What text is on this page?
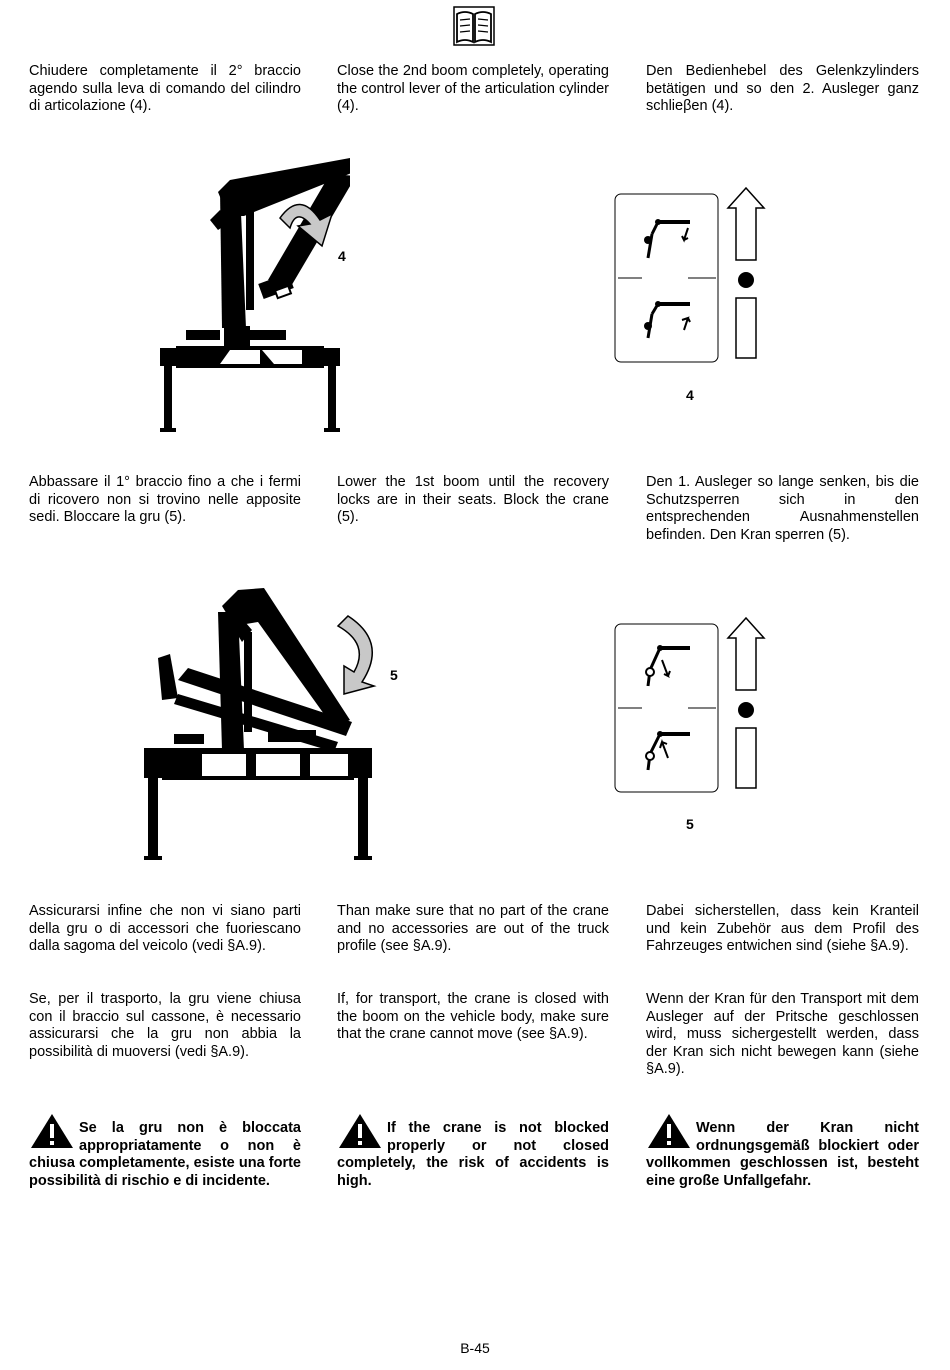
Chiudere completamente il 2° braccio agendo sulla leva di comando del cilindro di articolazione (4).
Close the 2nd boom completely, operating the control lever of the articulation cylinder (4).
Den Bedienhebel des Gelenkzylinders betätigen und so den 2. Ausleger ganz schlieβen (4).
4
4
Abbassare il 1° braccio fino a che i fermi di ricovero non si trovino nelle apposite sedi. Bloccare la gru (5).
Lower the 1st boom until the recovery locks are in their seats. Block the crane (5).
Den 1. Ausleger so lange senken, bis die Schutzsperren sich in den entsprechenden Ausnahmenstellen befinden. Den Kran sperren (5).
5
5
Assicurarsi infine che non vi siano parti della gru o di accessori che fuoriescano dalla sagoma del veicolo (vedi §A.9).
Than make sure that no part of the crane and no accessories are out of the truck profile (see §A.9).
Dabei sicherstellen, dass kein Kranteil und kein Zubehör aus dem Profil des Fahrzeuges entwichen sind (siehe §A.9).
Se, per il trasporto, la gru viene chiusa con il braccio sul cassone, è necessario assicurarsi che la gru non abbia la possibilità di muoversi (vedi §A.9).
If, for transport, the crane is closed with the boom on the vehicle body, make sure that the crane cannot move (see §A.9).
Wenn der Kran für den Transport mit dem Ausleger auf der Pritsche geschlossen wird, muss sichergestellt werden, dass der Kran sich nicht bewegen kann (siehe §A.9).
Se la gru non è bloccata appropriatamente o non è chiusa completamente, esiste una forte possibilità di rischio e di incidente.
If the crane is not blocked properly or not closed completely, the risk of accidents is high.
Wenn der Kran nicht ordnungsgemäß blockiert oder vollkommen geschlossen ist, besteht eine große Unfallgefahr.
B-45
